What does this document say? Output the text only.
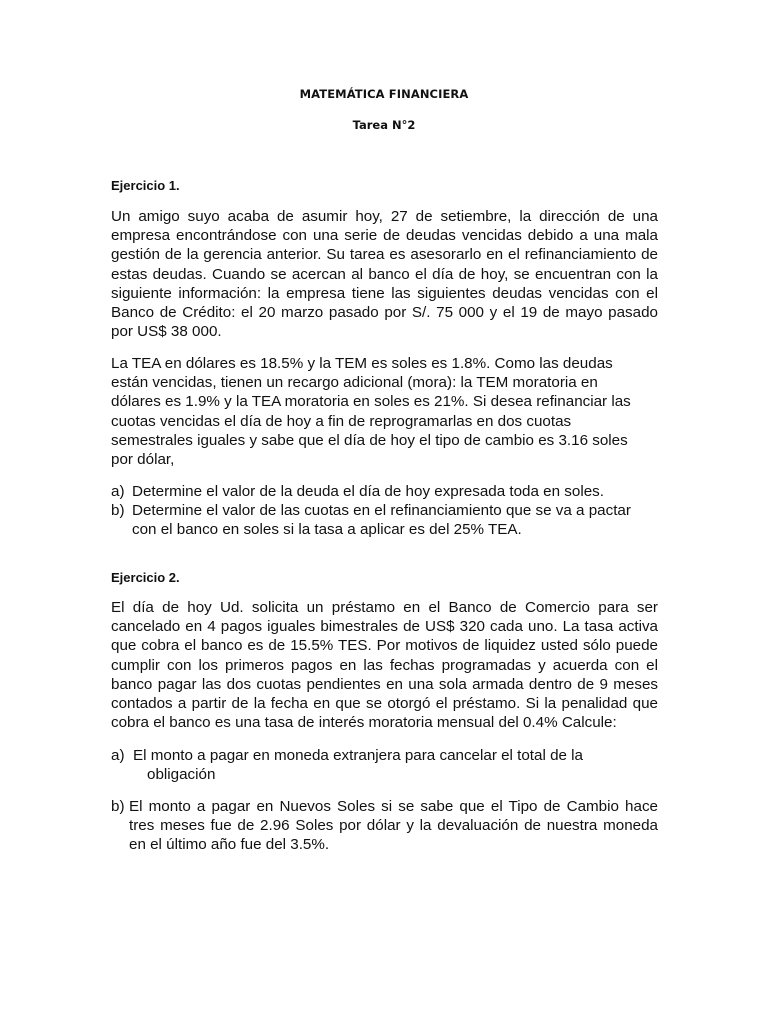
MATEMÁTICA FINANCIERA
Tarea N°2
Ejercicio 1.
Un amigo suyo acaba de asumir hoy, 27 de setiembre, la dirección de una empresa encontrándose con una serie de deudas vencidas debido a una mala gestión de la gerencia anterior. Su tarea es asesorarlo en el refinanciamiento de estas deudas. Cuando se acercan al banco el día de hoy, se encuentran con la siguiente información: la empresa tiene las siguientes deudas vencidas con el Banco de Crédito: el 20 marzo pasado por S/. 75 000 y el 19 de mayo pasado por US$ 38 000.
La TEA en dólares es 18.5% y la TEM es soles es 1.8%. Como las deudas están vencidas, tienen un recargo adicional (mora): la TEM moratoria en dólares es 1.9% y la TEA moratoria en soles es 21%. Si desea refinanciar las cuotas vencidas el día de hoy a fin de reprogramarlas en dos cuotas semestrales iguales y sabe que el día de hoy el tipo de cambio es 3.16 soles por dólar,
a) Determine el valor de la deuda el día de hoy expresada toda en soles.
b) Determine el valor de las cuotas en el refinanciamiento que se va a pactar con el banco en soles si la tasa a aplicar es del 25% TEA.
Ejercicio 2.
El día de hoy Ud. solicita un préstamo en el Banco de Comercio para ser cancelado en 4 pagos iguales bimestrales de US$ 320 cada uno. La tasa activa que cobra el banco es de 15.5% TES. Por motivos de liquidez usted sólo puede cumplir con los primeros pagos en las fechas programadas y acuerda con el banco pagar las dos cuotas pendientes en una sola armada dentro de 9 meses contados a partir de la fecha en que se otorgó el préstamo. Si la penalidad que cobra el banco es una tasa de interés moratoria mensual del 0.4% Calcule:
a) El monto a pagar en moneda extranjera para cancelar el total de la
obligación
b) El monto a pagar en Nuevos Soles si se sabe que el Tipo de Cambio hace tres meses fue de 2.96 Soles por dólar y la devaluación de nuestra moneda en el último año fue del 3.5%.
